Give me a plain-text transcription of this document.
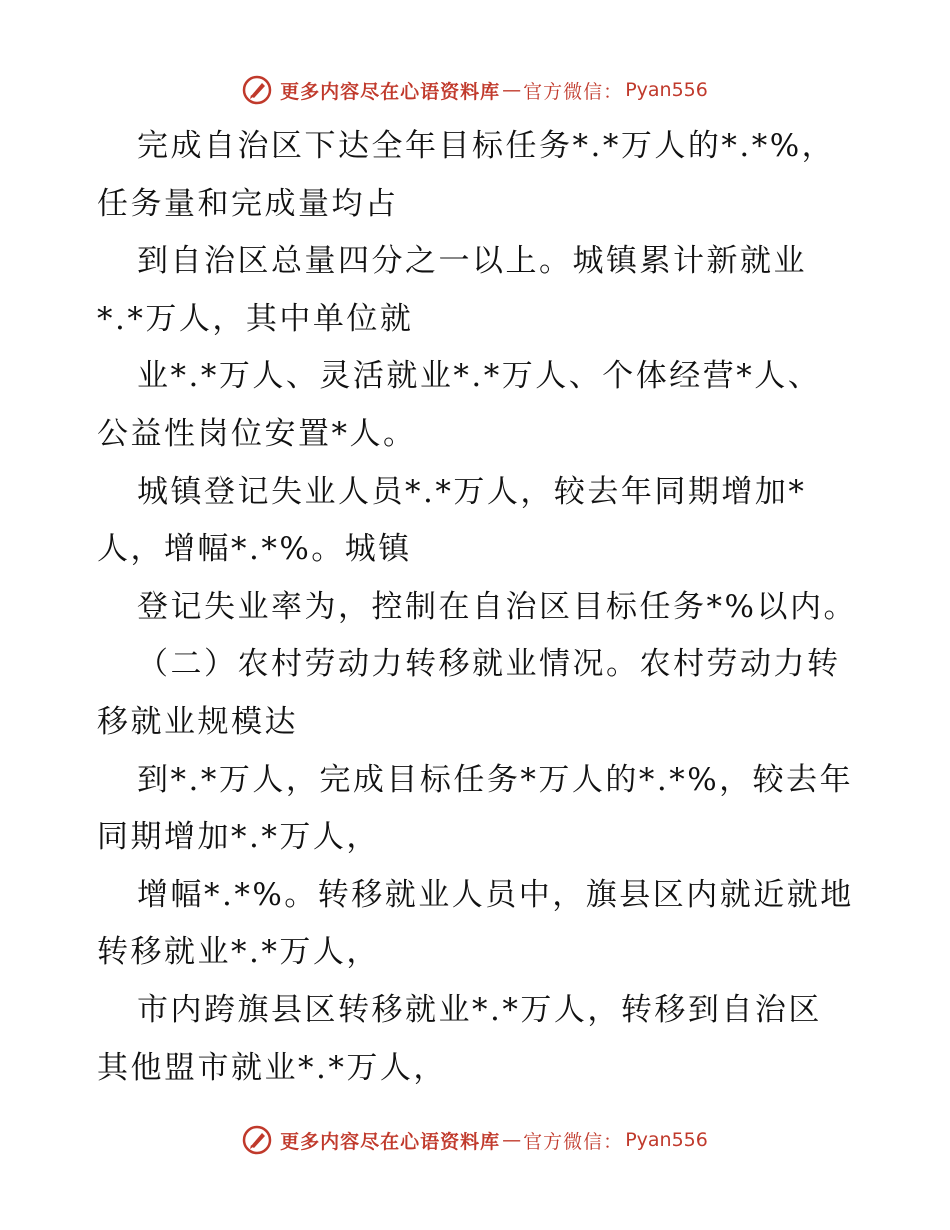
更多内容尽在心语资料库 — 官方微信： Pyan556
完成自治区下达全年目标任务*.*万人的*.*%，
任务量和完成量均占
到自治区总量四分之一以上。城镇累计新就业
*.*万人，其中单位就
业*.*万人、灵活就业*.*万人、个体经营*人、
公益性岗位安置*人。
城镇登记失业人员*.*万人，较去年同期增加*
人，增幅*.*%。城镇
登记失业率为，控制在自治区目标任务*%以内。
（二）农村劳动力转移就业情况。农村劳动力转
移就业规模达
到*.*万人，完成目标任务*万人的*.*%，较去年
同期增加*.*万人，
增幅*.*%。转移就业人员中，旗县区内就近就地
转移就业*.*万人，
市内跨旗县区转移就业*.*万人，转移到自治区
其他盟市就业*.*万人，
更多内容尽在心语资料库 — 官方微信： Pyan556
